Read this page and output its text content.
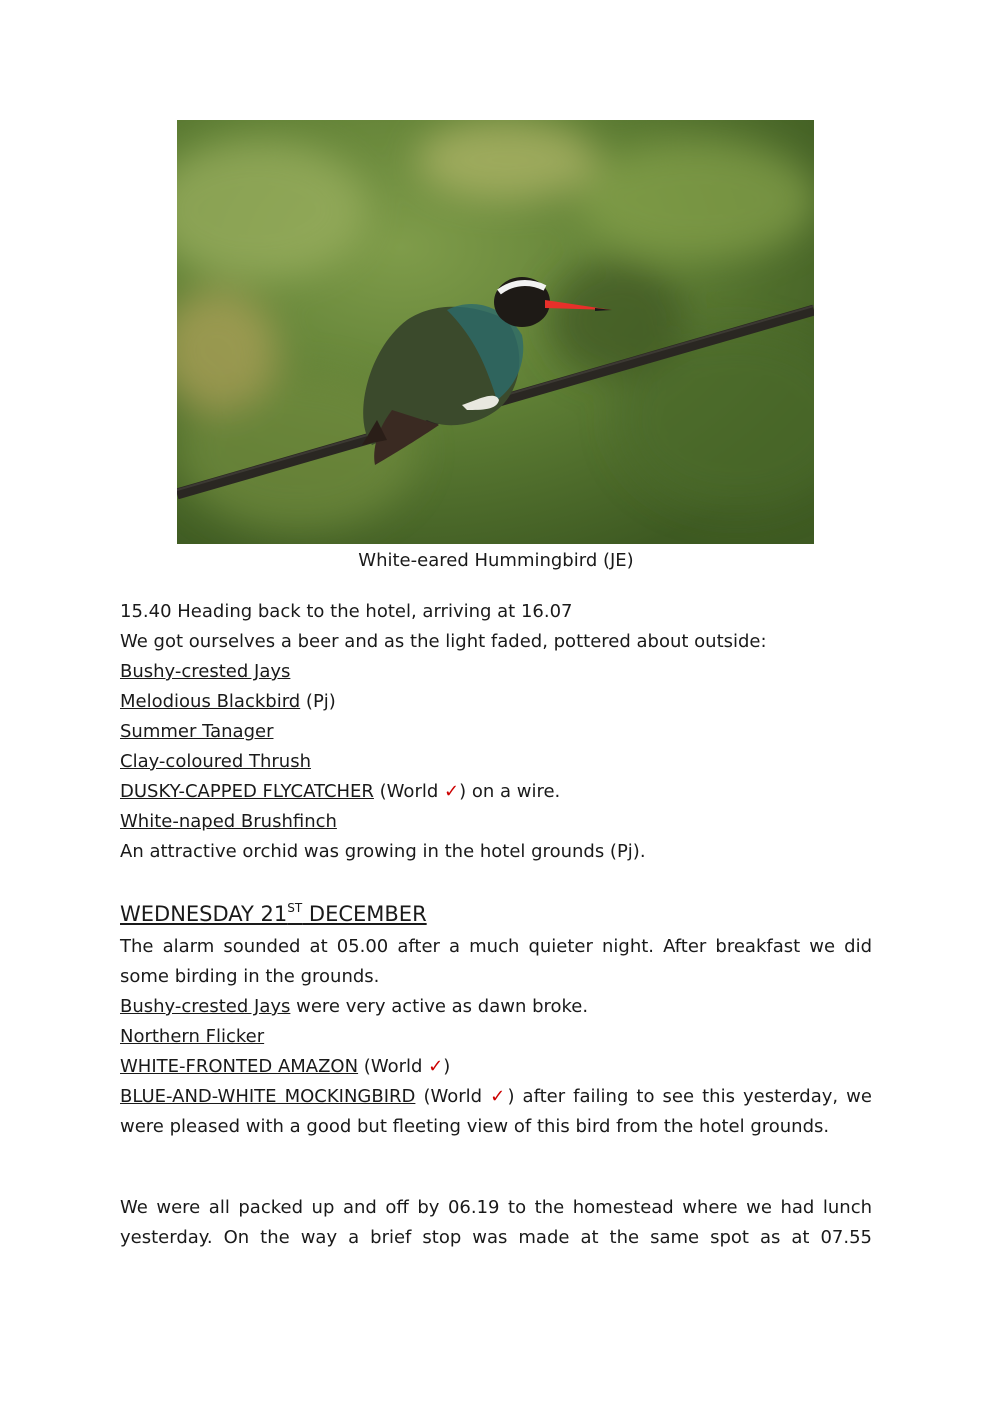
White-eared Hummingbird (JE)
15.40 Heading back to the hotel, arriving at 16.07
We got ourselves a beer and as the light faded, pottered about outside:
Bushy-crested Jays
Melodious Blackbird (Pj)
Summer Tanager
Clay-coloured Thrush
DUSKY-CAPPED FLYCATCHER (World ✓) on a wire.
White-naped Brushfinch
An attractive orchid was growing in the hotel grounds (Pj).
WEDNESDAY 21ST DECEMBER
The alarm sounded at 05.00 after a much quieter night. After breakfast we did some birding in the grounds.
Bushy-crested Jays were very active as dawn broke.
Northern Flicker
WHITE-FRONTED AMAZON (World ✓)
BLUE-AND-WHITE MOCKINGBIRD (World ✓) after failing to see this yesterday, we were pleased with a good but fleeting view of this bird from the hotel grounds.
We were all packed up and off by 06.19 to the homestead where we had lunch
yesterday. On the way a brief stop was made at the same spot as at 07.55
